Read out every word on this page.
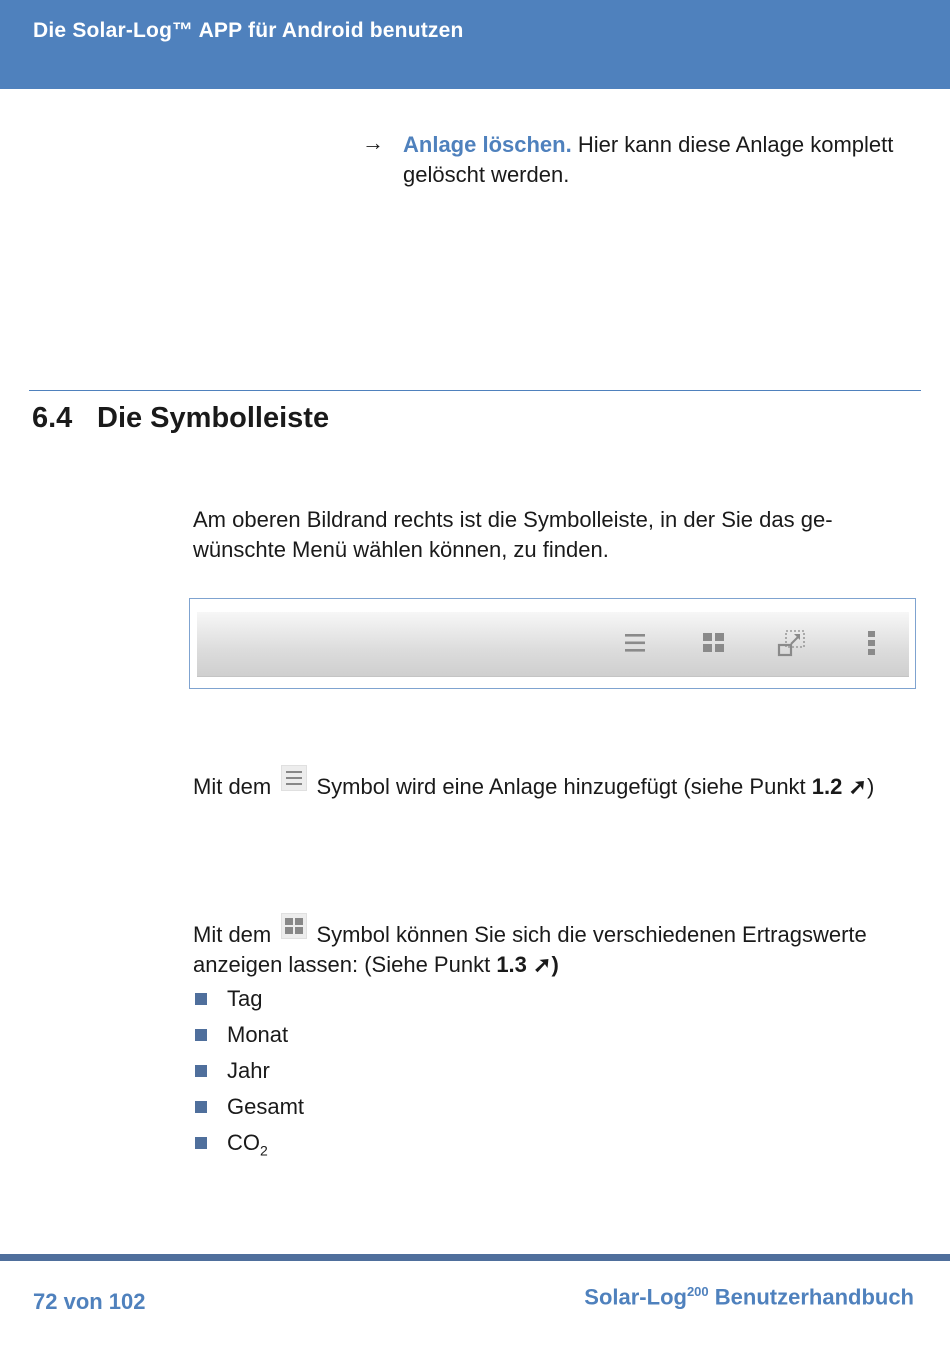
Die Solar-Log™ APP für Android benutzen
→ Anlage löschen. Hier kann diese Anlage komplett gelöscht werden.
6.4 Die Symbolleiste
Am oberen Bildrand rechts ist die Symbolleiste, in der Sie das ge-wünschte Menü wählen können, zu finden.
Mit dem  Symbol wird eine Anlage hinzugefügt (siehe Punkt 1.2 ➚)
Mit dem  Symbol können Sie sich die verschiedenen Ertragswerte anzeigen lassen: (Siehe Punkt 1.3 ➚)
Tag
Monat
Jahr
Gesamt
$CO_2$
72 von 102	Solar-Log$^{200}$ Benutzerhandbuch
